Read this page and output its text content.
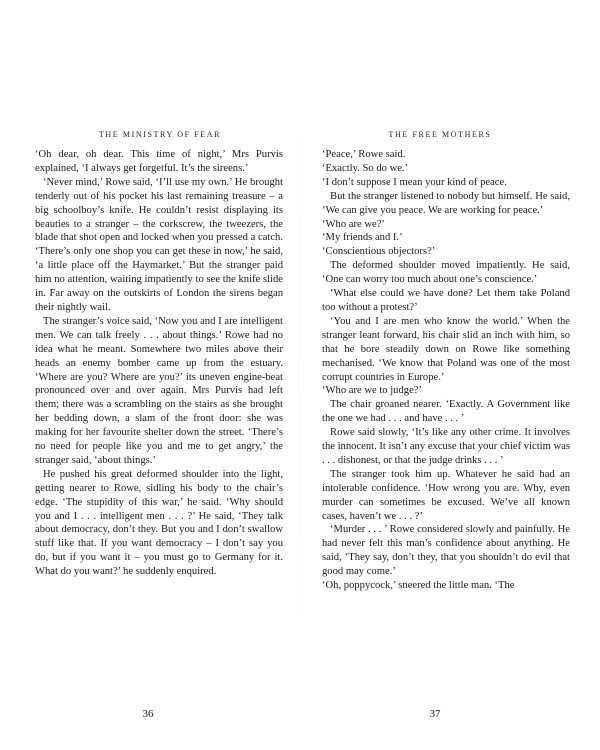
THE MINISTRY OF FEAR

‘Oh dear, oh dear. This time of night,’ Mrs Purvis explained, ‘I always get forgetful. It’s the sireens.’

‘Never mind,’ Rowe said, ‘I’ll use my own.’ He brought tenderly out of his pocket his last remaining treasure – a big schoolboy’s knife. He couldn’t resist displaying its beauties to a stranger – the corkscrew, the tweezers, the blade that shot open and locked when you pressed a catch. ‘There’s only one shop you can get these in now,’ he said, ‘a little place off the Haymarket.’ But the stranger paid him no attention, waiting impatiently to see the knife slide in. Far away on the outskirts of London the sirens began their nightly wail.

The stranger’s voice said, ‘Now you and I are intelligent men. We can talk freely . . . about things.’ Rowe had no idea what he meant. Somewhere two miles above their heads an enemy bomber came up from the estuary. ‘Where are you? Where are you?’ its uneven engine-beat pronounced over and over again. Mrs Purvis had left them; there was a scrambling on the stairs as she brought her bedding down, a slam of the front door: she was making for her favourite shelter down the street. ‘There’s no need for people like you and me to get angry,’ the stranger said, ‘about things.’

He pushed his great deformed shoulder into the light, getting nearer to Rowe, sidling his body to the chair’s edge. ‘The stupidity of this war,’ he said. ‘Why should you and I . . . intelligent men . . . ?’ He said, ‘They talk about democracy, don’t they. But you and I don’t swallow stuff like that. If you want democracy – I don’t say you do, but if you want it – you must go to Germany for it. What do you want?’ he suddenly enquired.

36
THE FREE MOTHERS
37

‘Peace,’ Rowe said.

‘Exactly. So do we.’

‘I don’t suppose I mean your kind of peace.

But the stranger listened to nobody but himself. He said, ‘We can give you peace. We are working for peace.’

‘Who are we?’

‘My friends and I.’

‘Conscientious objectors?’

The deformed shoulder moved impatiently. He said, ‘One can worry too much about one’s conscience.’

‘What else could we have done? Let them take Poland too without a protest?’

‘You and I are men who know the world.’ When the stranger leant forward, his chair slid an inch with him, so that he bore steadily down on Rowe like something mechanised. ‘We know that Poland was one of the most corrupt countries in Europe.’

‘Who are we to judge?’

The chair groaned nearer. ‘Exactly. A Government like the one we had . . . and have . . . ’

Rowe said slowly, ‘It’s like any other crime. It involves the innocent. It isn’t any excuse that your chief victim was . . . dishonest, or that the judge drinks . . . ’

The stranger took him up. Whatever he said had an intolerable confidence. ‘How wrong you are. Why, even murder can sometimes be excused. We’ve all known cases, haven’t we . . . ?’

‘Murder . . . ’ Rowe considered slowly and painfully. He had never felt this man’s confidence about anything. He said, ‘They say, don’t they, that you shouldn’t do evil that good may come.’

‘Oh, poppycock,’ sneered the little man. ‘The
